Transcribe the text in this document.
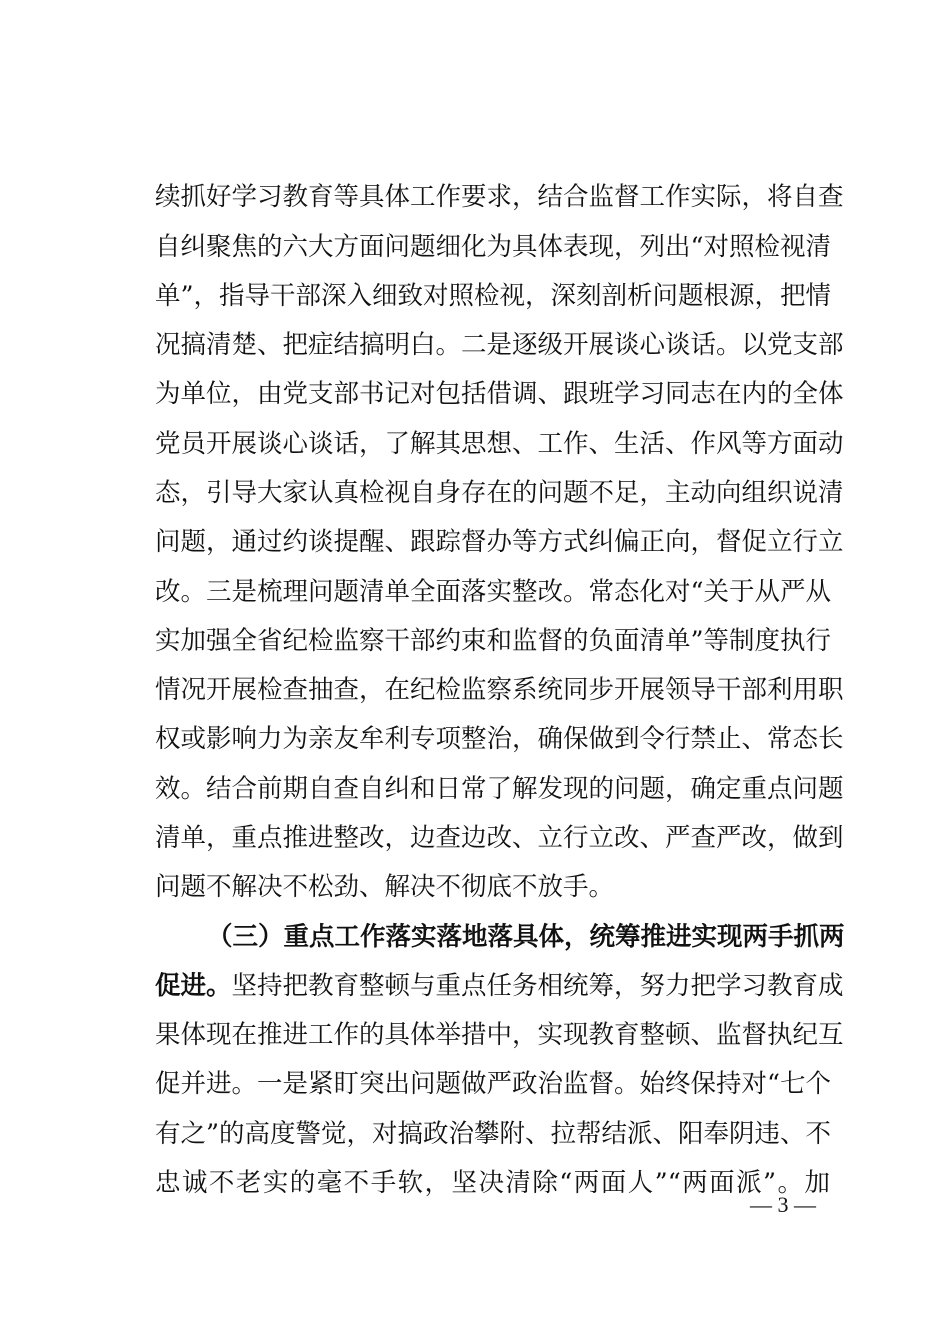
续抓好学习教育等具体工作要求，结合监督工作实际，将自查
自纠聚焦的六大方面问题细化为具体表现，列出“对照检视清
单”，指导干部深入细致对照检视，深刻剖析问题根源，把情
况搞清楚、把症结搞明白。二是逐级开展谈心谈话。以党支部
为单位，由党支部书记对包括借调、跟班学习同志在内的全体
党员开展谈心谈话，了解其思想、工作、生活、作风等方面动
态，引导大家认真检视自身存在的问题不足，主动向组织说清
问题，通过约谈提醒、跟踪督办等方式纠偏正向，督促立行立
改。三是梳理问题清单全面落实整改。常态化对“关于从严从
实加强全省纪检监察干部约束和监督的负面清单”等制度执行
情况开展检查抽查，在纪检监察系统同步开展领导干部利用职
权或影响力为亲友牟利专项整治，确保做到令行禁止、常态长
效。结合前期自查自纠和日常了解发现的问题，确定重点问题
清单，重点推进整改，边查边改、立行立改、严查严改，做到
问题不解决不松劲、解决不彻底不放手。
（三）重点工作落实落地落具体，统筹推进实现两手抓两
促进。坚持把教育整顿与重点任务相统筹，努力把学习教育成
果体现在推进工作的具体举措中，实现教育整顿、监督执纪互
促并进。一是紧盯突出问题做严政治监督。始终保持对“七个
有之”的高度警觉，对搞政治攀附、拉帮结派、阳奉阴违、不
忠诚不老实的毫不手软，坚决清除“两面人”“两面派”。加
— 3 —
